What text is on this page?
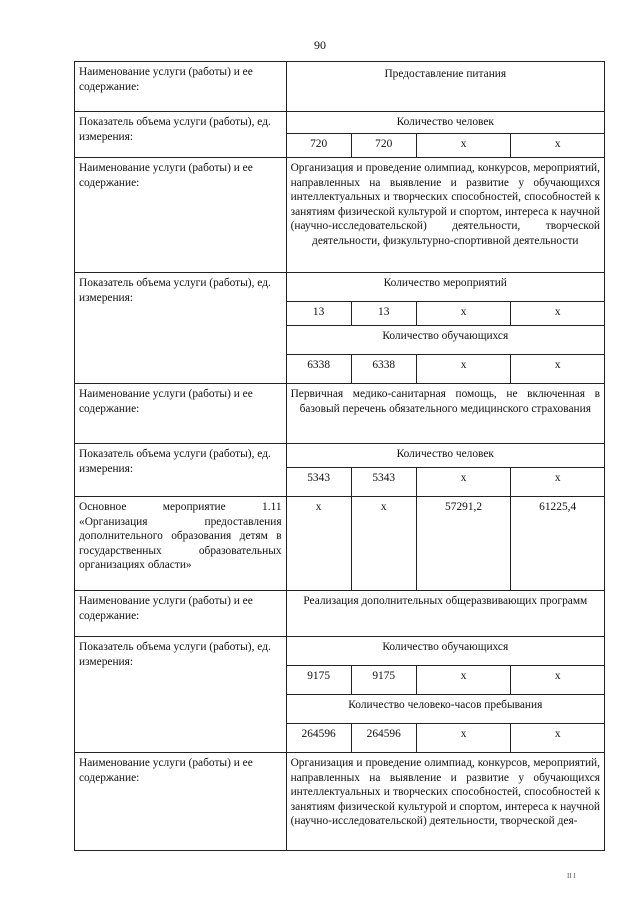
90
Наименование услуги (работы) и ее содержание:	Предоставление питания			
Показатель объема услуги (работы), ед. измерения:	Количество человек			
	720	720	х	х
Наименование услуги (работы) и ее содержание:	Организация и проведение олимпиад, конкурсов, мероприятий, направленных на выявление и развитие у обучающихся интеллектуальных и творческих способностей, способностей к занятиям физической культурой и спортом, интереса к научной (научно-исследовательской) деятельности, творческой деятельности, физкультурно-спортивной деятельности			
Показатель объема услуги (работы), ед. измерения:	Количество мероприятий			
	13	13	х	х
	Количество обучающихся			
	6338	6338	х	х
Наименование услуги (работы) и ее содержание:	Первичная медико-санитарная помощь, не включенная в базовый перечень обязательного медицинского страхования			
Показатель объема услуги (работы), ед. измерения:	Количество человек			
	5343	5343	х	х
Основное мероприятие 1.11 «Организация предоставления дополнительного образования детям в государственных образовательных организациях области»	х	х	57291,2	61225,4
Наименование услуги (работы) и ее содержание:	Реализация дополнительных общеразвивающих программ			
Показатель объема услуги (работы), ед. измерения:	Количество обучающихся			
	9175	9175	х	х
	Количество человеко-часов пребывания			
	264596	264596	х	х
Наименование услуги (работы) и ее содержание:	Организация и проведение олимпиад, конкурсов, мероприятий, направленных на выявление и развитие у обучающихся интеллектуальных и творческих способностей, способностей к занятиям физической культурой и спортом, интереса к научной (научно-исследовательской) деятельности, творческой дея-			
II I
